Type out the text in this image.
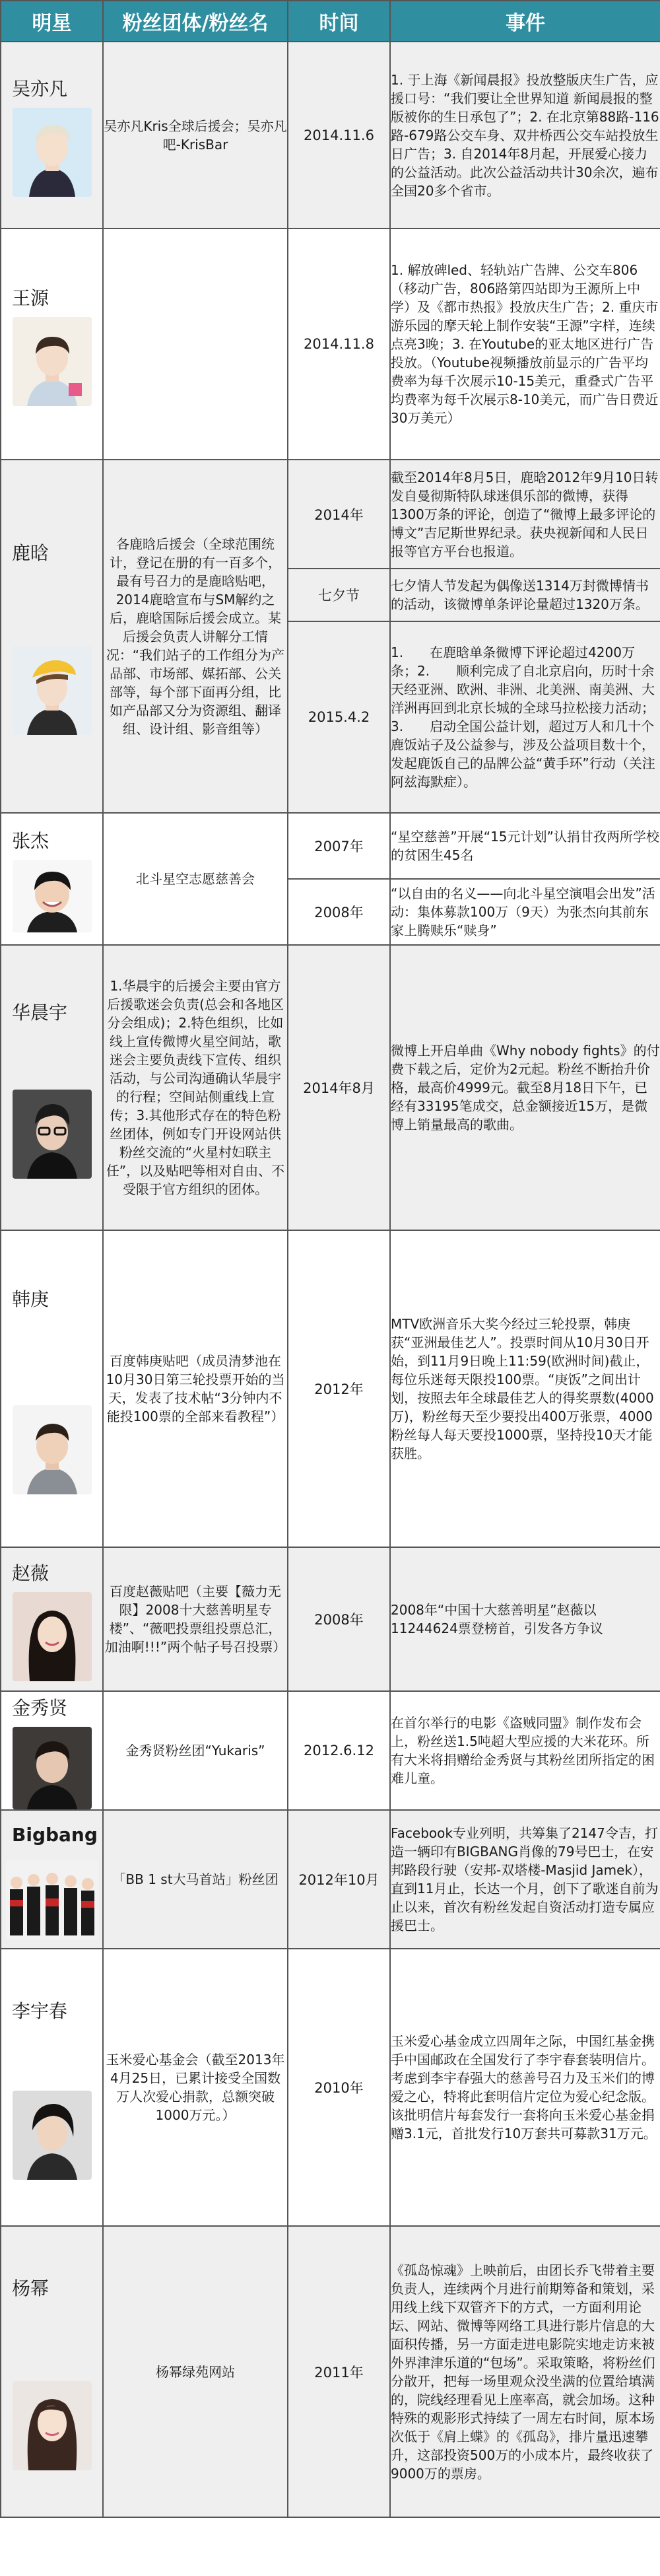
明星	粉丝团体/粉丝名	时间	事件

吴亦凡	吴亦凡Kris全球后援会；吴亦凡吧-KrisBar	2014.11.6	1. 于上海《新闻晨报》投放整版庆生广告，应援口号：“我们要让全世界知道 新闻晨报的整版被你的生日承包了”；2. 在北京第88路-116路-679路公交车身、双井桥西公交车站投放生日广告；3. 自2014年8月起，开展爱心接力的公益活动。此次公益活动共计30余次，遍布全国20多个省市。

王源		2014.11.8	1. 解放碑led、轻轨站广告牌、公交车806（移动广告，806路第四站即为王源所上中学）及《都市热报》投放庆生广告；2. 重庆市游乐园的摩天轮上制作安装“王源”字样，连续点亮3晚；3. 在Youtube的亚太地区进行广告投放。（Youtube视频播放前显示的广告平均费率为每千次展示10-15美元，重叠式广告平均费率为每千次展示8-10美元，而广告日费近30万美元）

鹿晗	各鹿晗后援会（全球范围统计，登记在册的有一百多个，最有号召力的是鹿晗贴吧，2014鹿晗宣布与SM解约之后，鹿晗国际后援会成立。某后援会负责人讲解分工情况：“我们站子的工作组分为产品部、市场部、媒拓部、公关部等，每个部下面再分组，比如产品部又分为资源组、翻译组、设计组、影音组等）	2014年	截至2014年8月5日，鹿晗2012年9月10日转发自曼彻斯特队球迷俱乐部的微博，获得1300万条的评论，创造了“微博上最多评论的博文”吉尼斯世界纪录。获央视新闻和人民日报等官方平台也报道。
		七夕节	七夕情人节发起为偶像送1314万封微博情书的活动，该微博单条评论量超过1320万条。
		2015.4.2	1.　　在鹿晗单条微博下评论超过4200万条；2.　　顺利完成了自北京启向，历时十余天经亚洲、欧洲、非洲、北美洲、南美洲、大洋洲再回到北京长城的全球马拉松接力活动；3.　　启动全国公益计划，超过万人和几十个鹿饭站子及公益参与，涉及公益项目数十个，发起鹿饭自己的品牌公益“黄手环”行动（关注阿兹海默症）。

张杰	北斗星空志愿慈善会	2007年	“星空慈善”开展“15元计划”认捐甘孜两所学校的贫困生45名
		2008年	“以自由的名义——向北斗星空演唱会出发”活动：集体募款100万（9天）为张杰向其前东家上腾赎乐“赎身”

华晨宇	1.华晨宇的后援会主要由官方后援歌迷会负责(总会和各地区分会组成)；2.特色组织，比如线上宣传微博火星空间站，歌迷会主要负责线下宣传、组织活动，与公司沟通确认华晨宇的行程；空间站侧重线上宣传；3.其他形式存在的特色粉丝团体，例如专门开设网站供粉丝交流的“火星村妇联主任”，以及贴吧等相对自由、不受限于官方组织的团体。	2014年8月	微博上开启单曲《Why nobody fights》的付费下载之后，定价为2元起。粉丝不断抬升价格，最高价4999元。截至8月18日下午，已经有33195笔成交，总金额接近15万，是微博上销量最高的歌曲。

韩庚	百度韩庚贴吧（成员清梦池在10月30日第三轮投票开始的当天，发表了技术帖“3分钟内不能投100票的全部来看教程”）	2012年	MTV欧洲音乐大奖今经过三轮投票，韩庚获“亚洲最佳艺人”。投票时间从10月30日开始，到11月9日晚上11:59(欧洲时间)截止，每位乐迷每天限投100票。“庚饭”之间出计划，按照去年全球最佳艺人的得奖票数(4000万)，粉丝每天至少要投出400万张票，4000粉丝每人每天要投1000票，坚持投10天才能获胜。

赵薇	百度赵薇贴吧（主要【薇力无限】2008十大慈善明星专楼”、“薇吧投票组投票总汇，加油啊!!!”两个帖子号召投票）	2008年	2008年“中国十大慈善明星”赵薇以11244624票登榜首，引发各方争议

金秀贤	金秀贤粉丝团“Yukaris”	2012.6.12	在首尔举行的电影《盗贼同盟》制作发布会上，粉丝送1.5吨超大型应援的大米花环。所有大米将捐赠给金秀贤与其粉丝团所指定的困难儿童。

Bigbang	「BB 1 st大马首站」粉丝团	2012年10月	Facebook专业列明，共筹集了2147令吉，打造一辆印有BIGBANG肖像的79号巴士，在安邦路段行驶（安邦-双塔楼-Masjid Jamek），直到11月止，长达一个月，创下了歌迷自前为止以来，首次有粉丝发起自资活动打造专属应援巴士。

李宇春	玉米爱心基金会（截至2013年4月25日，已累计接受全国数万人次爱心捐款，总额突破1000万元。）	2010年	玉米爱心基金成立四周年之际，中国红基金携手中国邮政在全国发行了李宇春套装明信片。考虑到李宇春强大的慈善号召力及玉米们的博爱之心，特将此套明信片定位为爱心纪念版。该批明信片每套发行一套将向玉米爱心基金捐赠3.1元，首批发行10万套共可募款31万元。

杨幂	杨幂绿苑网站	2011年	《孤岛惊魂》上映前后，由团长乔飞带着主要负责人，连续两个月进行前期筹备和策划，采用线上线下双管齐下的方式，一方面利用论坛、网站、微博等网络工具进行影片信息的大面积传播，另一方面走进电影院实地走访来被外界津津乐道的“包场”。采取策略，将粉丝们分散开，把每一场里观众没坐满的位置给填满的，院线经理看见上座率高，就会加场。这种特殊的观影形式持续了一周左右时间，原本场次低于《肩上蝶》的《孤岛》，排片量迅速攀升，这部投资500万的小成本片，最终收获了9000万的票房。
